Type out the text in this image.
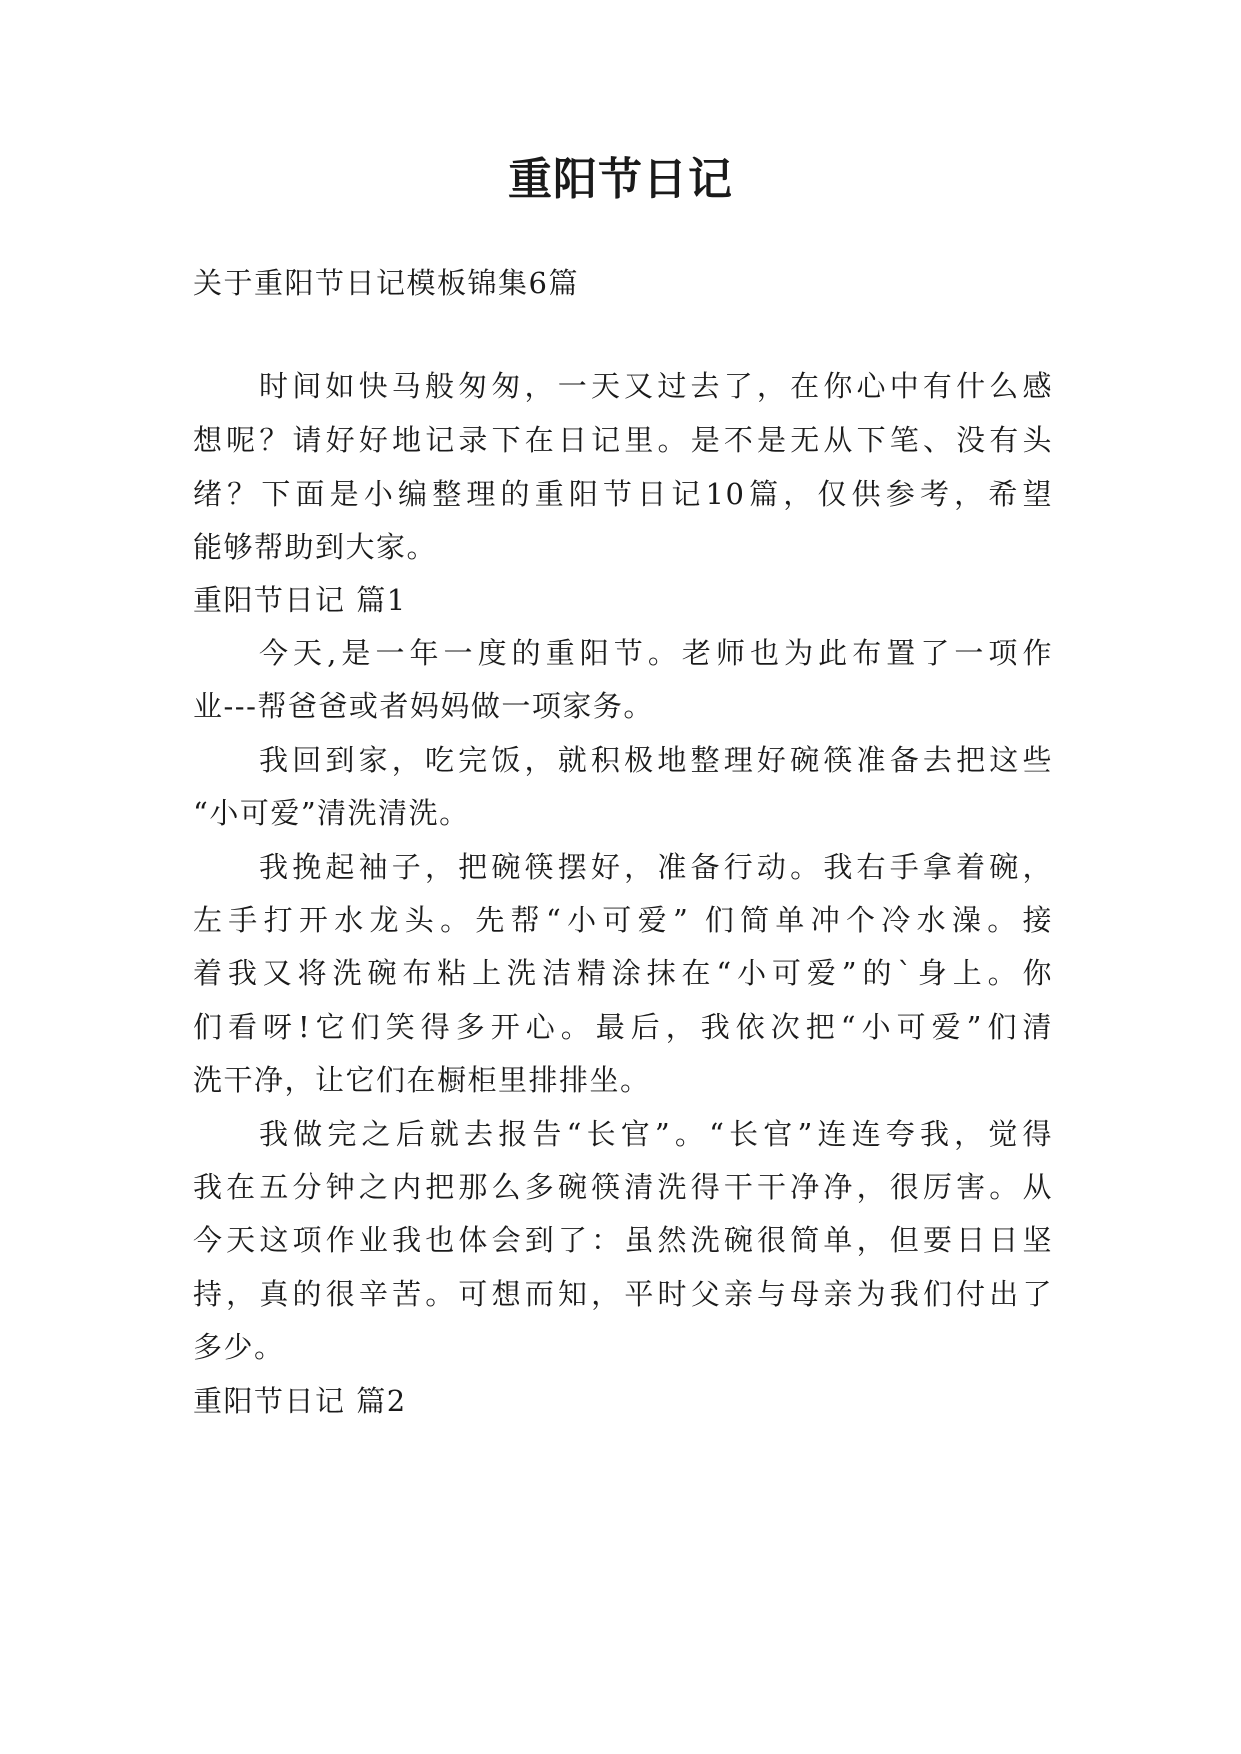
重阳节日记

关于重阳节日记模板锦集6篇

时间如快马般匆匆，一天又过去了，在你心中有什么感

想呢？请好好地记录下在日记里。是不是无从下笔、没有头

绪？下面是小编整理的重阳节日记10篇，仅供参考，希望

能够帮助到大家。

重阳节日记 篇1

今天,是一年一度的重阳节。老师也为此布置了一项作

业---帮爸爸或者妈妈做一项家务。

我回到家，吃完饭，就积极地整理好碗筷准备去把这些

“小可爱”清洗清洗。

我挽起袖子，把碗筷摆好，准备行动。我右手拿着碗，

左手打开水龙头。先帮“小可爱” 们简单冲个冷水澡。接

着我又将洗碗布粘上洗洁精涂抹在“小可爱”的`身上。你

们看呀!它们笑得多开心。最后，我依次把“小可爱”们清

洗干净，让它们在橱柜里排排坐。

我做完之后就去报告“长官”。“长官”连连夸我，觉得

我在五分钟之内把那么多碗筷清洗得干干净净，很厉害。从

今天这项作业我也体会到了：虽然洗碗很简单，但要日日坚

持，真的很辛苦。可想而知，平时父亲与母亲为我们付出了

多少。

重阳节日记 篇2
